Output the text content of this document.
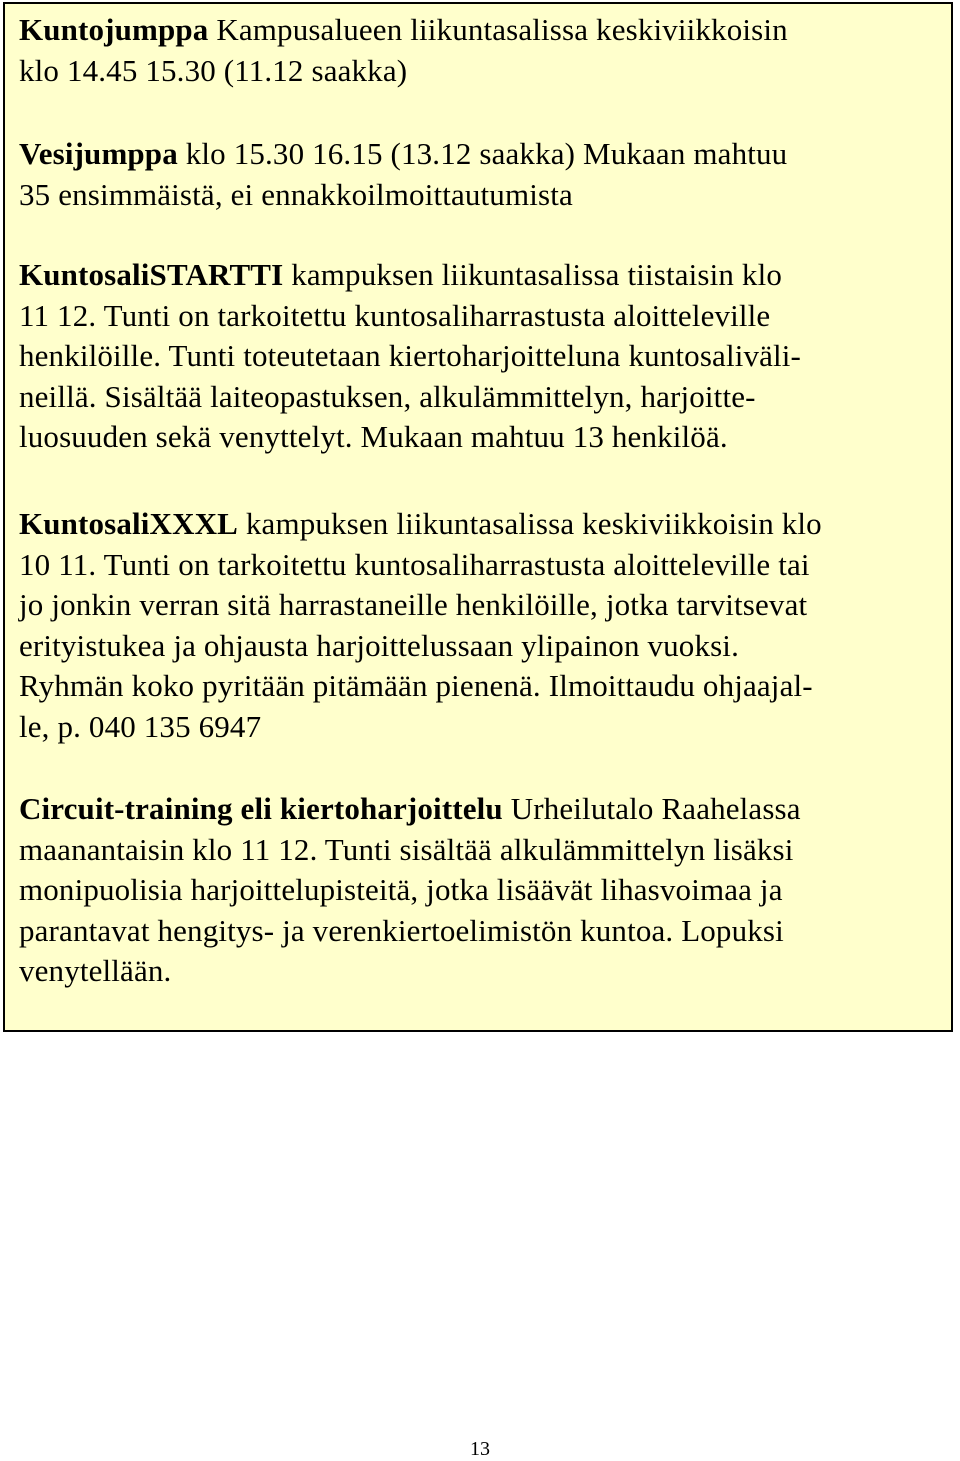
Kuntojumppa Kampusalueen liikuntasalissa keskiviikkoisin
klo 14.45 15.30 (11.12 saakka)

Vesijumppa klo 15.30 16.15 (13.12 saakka) Mukaan mahtuu
35 ensimmäistä, ei ennakkoilmoittautumista

KuntosaliSTARTTI kampuksen liikuntasalissa tiistaisin klo
11 12. Tunti on tarkoitettu kuntosaliharrastusta aloitteleville
henkilöille. Tunti toteutetaan kiertoharjoitteluna kuntosaliväli-
neillä. Sisältää laiteopastuksen, alkulämmittelyn, harjoitte-
luosuuden sekä venyttelyt. Mukaan mahtuu 13 henkilöä.

KuntosaliXXXL kampuksen liikuntasalissa keskiviikkoisin klo
10 11. Tunti on tarkoitettu kuntosaliharrastusta aloitteleville tai
jo jonkin verran sitä harrastaneille henkilöille, jotka tarvitsevat
erityistukea ja ohjausta harjoittelussaan ylipainon vuoksi.
Ryhmän koko pyritään pitämään pienenä. Ilmoittaudu ohjaajal-
le, p. 040 135 6947

Circuit-training eli kiertoharjoittelu Urheilutalo Raahelassa
maanantaisin klo 11 12. Tunti sisältää alkulämmittelyn lisäksi
monipuolisia harjoittelupisteitä, jotka lisäävät lihasvoimaa ja
parantavat hengitys- ja verenkiertoelimistön kuntoa. Lopuksi
venytellään.

13
